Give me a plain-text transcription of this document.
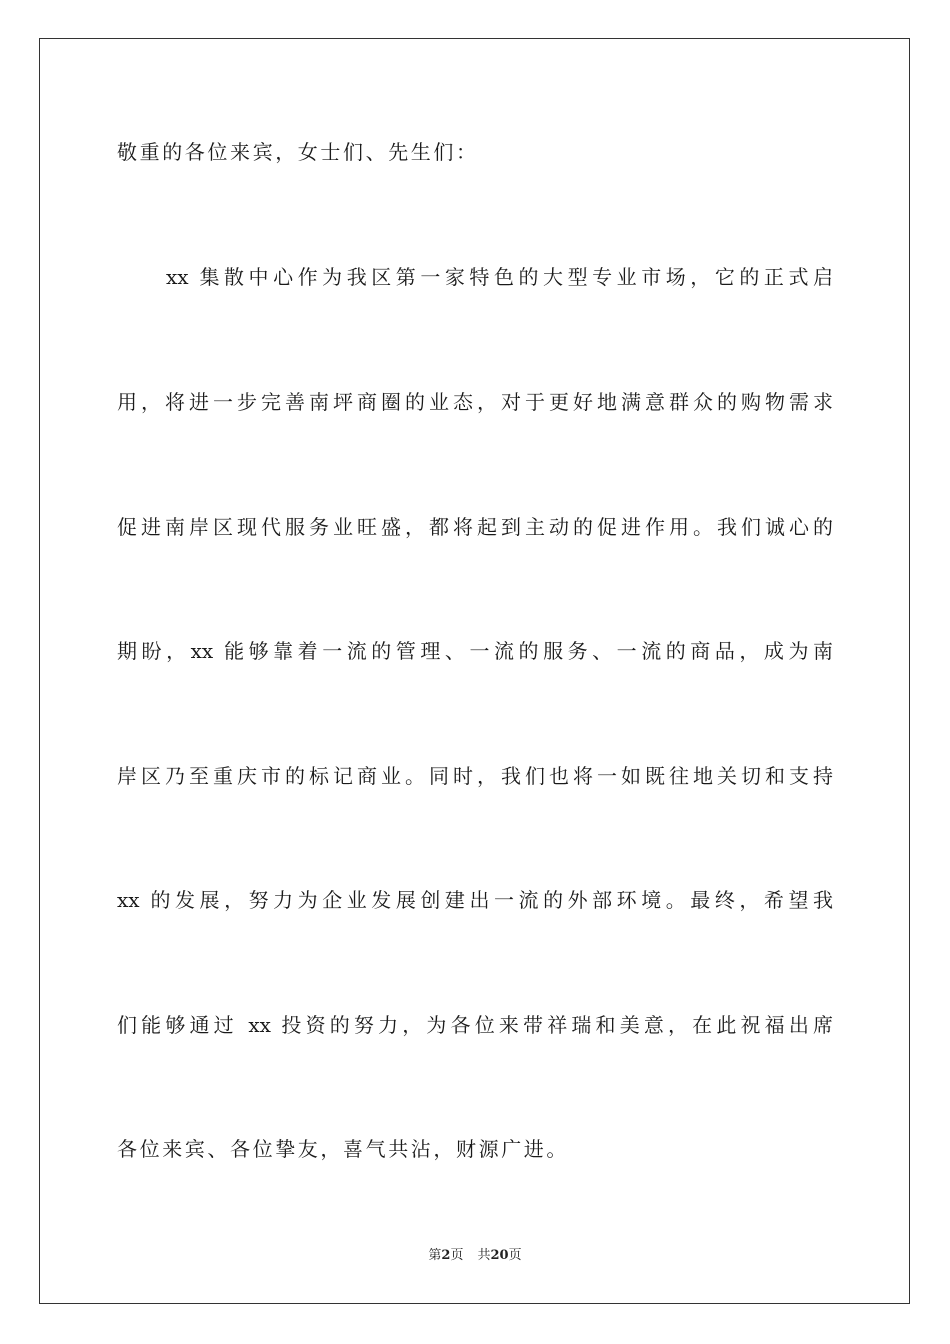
敬重的各位来宾，女士们、先生们：
xx 集散中心作为我区第一家特色的大型专业市场，它的正式启
用，将进一步完善南坪商圈的业态，对于更好地满意群众的购物需求
促进南岸区现代服务业旺盛，都将起到主动的促进作用。我们诚心的
期盼，xx 能够靠着一流的管理、一流的服务、一流的商品，成为南
岸区乃至重庆市的标记商业。同时，我们也将一如既往地关切和支持
xx 的发展，努力为企业发展创建出一流的外部环境。最终，希望我
们能够通过 xx 投资的努力，为各位来带祥瑞和美意，在此祝福出席
各位来宾、各位挚友，喜气共沾，财源广进。
第2页 共20页
